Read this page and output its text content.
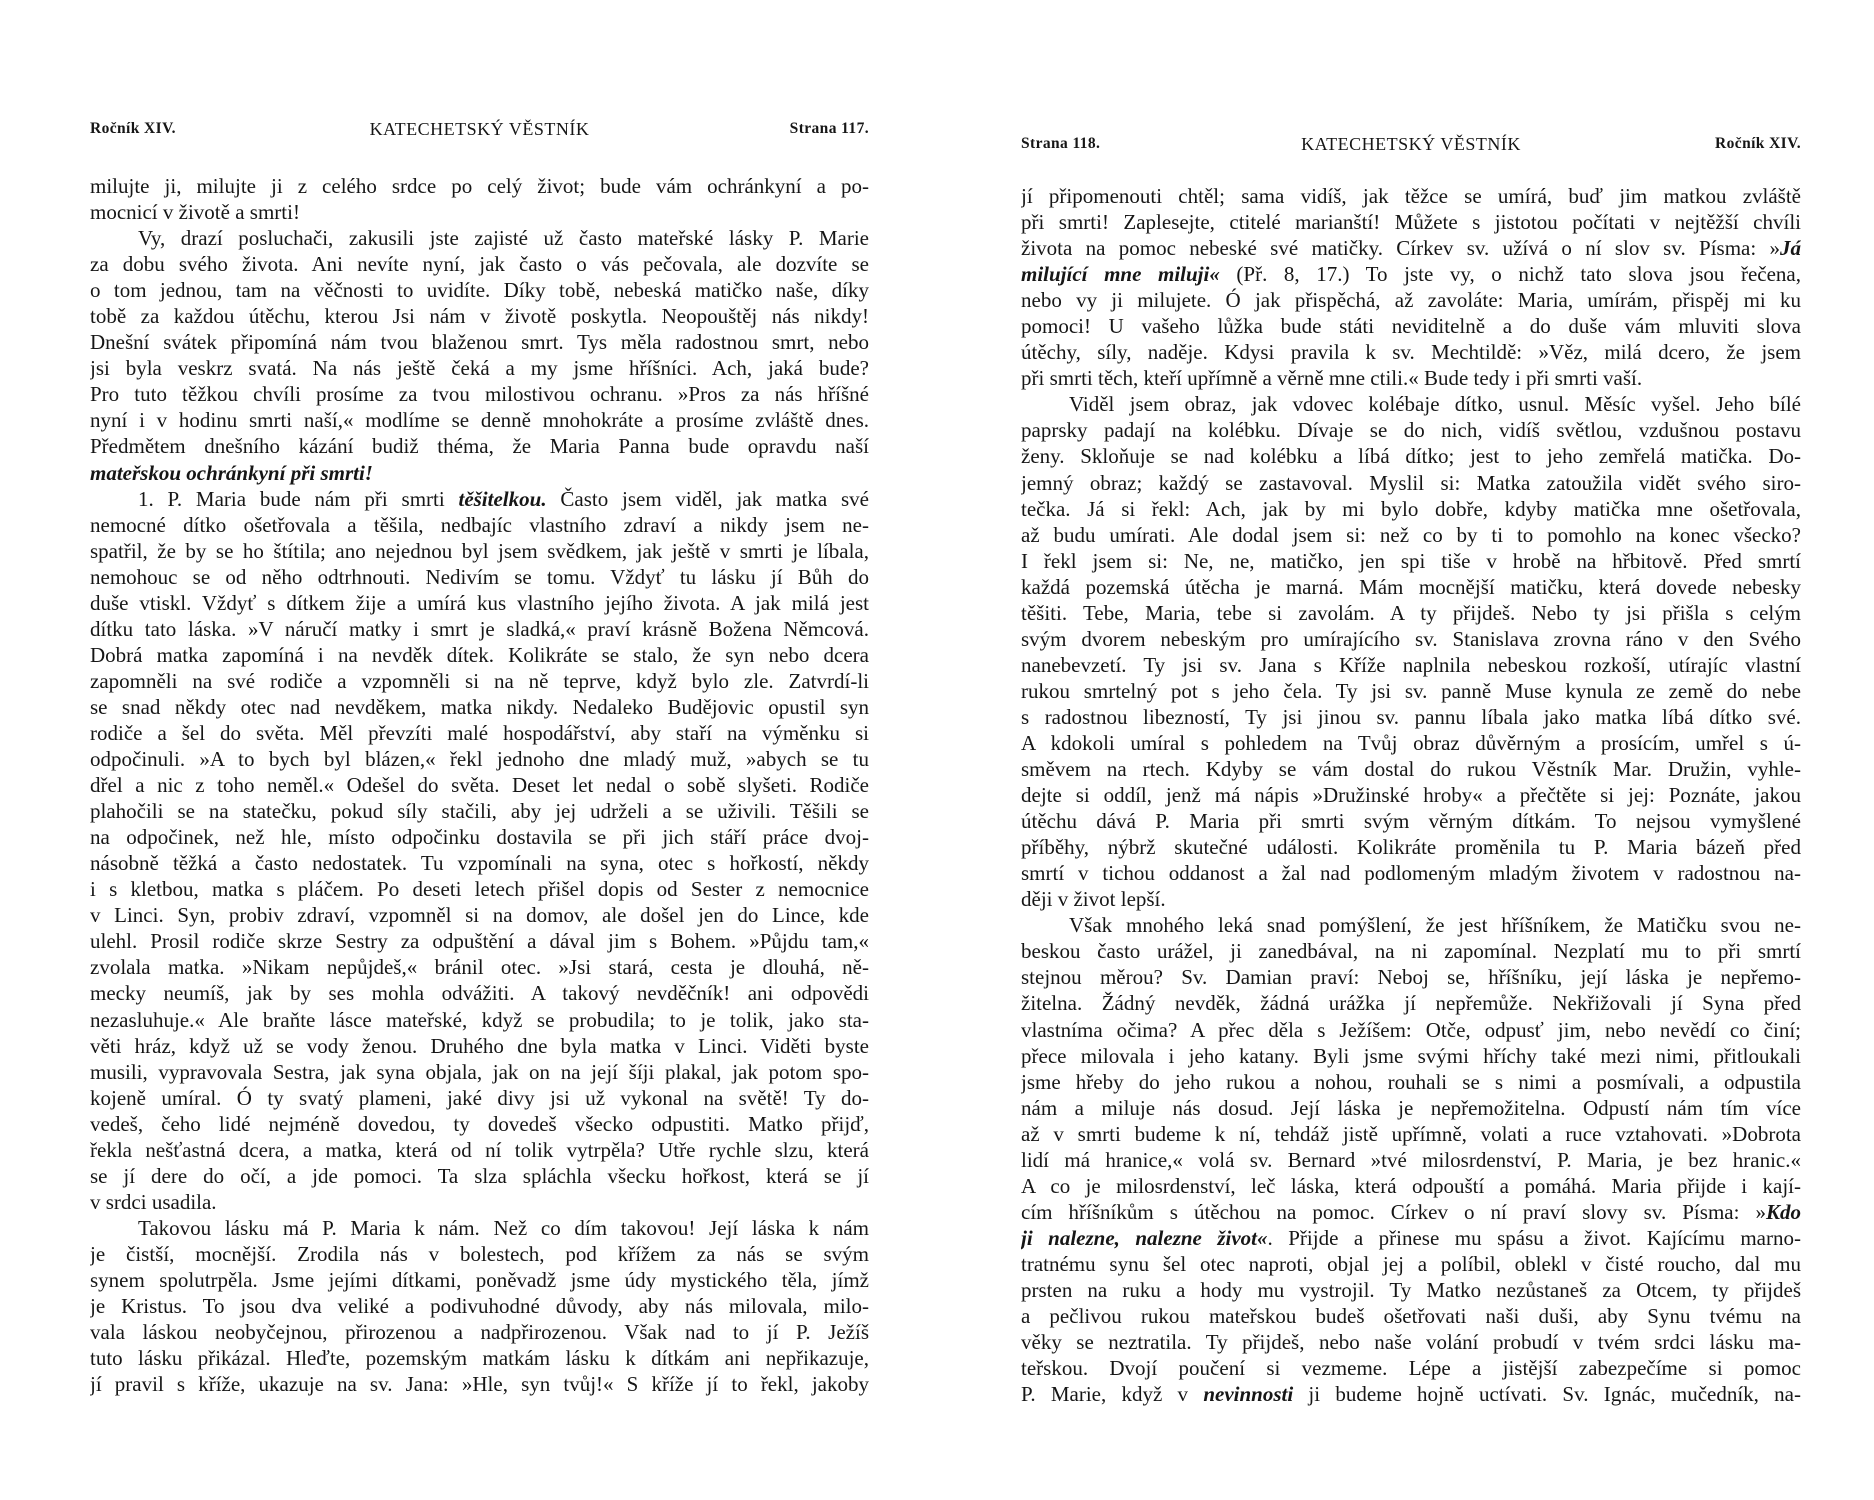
Ročník XIV.	KATECHETSKÝ VĚSTNÍK	Strana 117.
milujte ji, milujte ji z celého srdce po celý život; bude vám ochránkyní a po-
mocnicí v životě a smrti!
Vy, drazí posluchači, zakusili jste zajisté už často mateřské lásky P. Marie
za dobu svého života. Ani nevíte nyní, jak často o vás pečovala, ale dozvíte se
o tom jednou, tam na věčnosti to uvidíte. Díky tobě, nebeská matičko naše, díky
tobě za každou útěchu, kterou Jsi nám v životě poskytla. Neopouštěj nás nikdy!
Dnešní svátek připomíná nám tvou blaženou smrt. Tys měla radostnou smrt, nebo
jsi byla veskrz svatá. Na nás ještě čeká a my jsme hříšníci. Ach, jaká bude?
Pro tuto těžkou chvíli prosíme za tvou milostivou ochranu. »Pros za nás hříšné
nyní i v hodinu smrti naší,« modlíme se denně mnohokráte a prosíme zvláště dnes.
Předmětem dnešního kázání budiž théma, že Maria Panna bude opravdu naší
mateřskou ochránkyní při smrti!
1. P. Maria bude nám při smrti těšitelkou. Často jsem viděl, jak matka své
nemocné dítko ošetřovala a těšila, nedbajíc vlastního zdraví a nikdy jsem ne-
spatřil, že by se ho štítila; ano nejednou byl jsem svědkem, jak ještě v smrti je líbala,
nemohouc se od něho odtrhnouti. Nedivím se tomu. Vždyť tu lásku jí Bůh do
duše vtiskl. Vždyť s dítkem žije a umírá kus vlastního jejího života. A jak milá jest
dítku tato láska. »V náručí matky i smrt je sladká,« praví krásně Božena Němcová.
Dobrá matka zapomíná i na nevděk dítek. Kolikráte se stalo, že syn nebo dcera
zapomněli na své rodiče a vzpomněli si na ně teprve, když bylo zle. Zatvrdí-li
se snad někdy otec nad nevděkem, matka nikdy. Nedaleko Budějovic opustil syn
rodiče a šel do světa. Měl převzíti malé hospodářství, aby staří na výměnku si
odpočinuli. »A to bych byl blázen,« řekl jednoho dne mladý muž, »abych se tu
dřel a nic z toho neměl.« Odešel do světa. Deset let nedal o sobě slyšeti. Rodiče
plahočili se na statečku, pokud síly stačili, aby jej udrželi a se uživili. Těšili se
na odpočinek, než hle, místo odpočinku dostavila se při jich stáří práce dvoj-
násobně těžká a často nedostatek. Tu vzpomínali na syna, otec s hořkostí, někdy
i s kletbou, matka s pláčem. Po deseti letech přišel dopis od Sester z nemocnice
v Linci. Syn, probiv zdraví, vzpomněl si na domov, ale došel jen do Lince, kde
ulehl. Prosil rodiče skrze Sestry za odpuštění a dával jim s Bohem. »Půjdu tam,«
zvolala matka. »Nikam nepůjdeš,« bránil otec. »Jsi stará, cesta je dlouhá, ně-
mecky neumíš, jak by ses mohla odvážiti. A takový nevděčník! ani odpovědi
nezasluhuje.« Ale braňte lásce mateřské, když se probudila; to je tolik, jako sta-
věti hráz, když už se vody ženou. Druhého dne byla matka v Linci. Viděti byste
musili, vypravovala Sestra, jak syna objala, jak on na její šíji plakal, jak potom spo-
kojeně umíral. Ó ty svatý plameni, jaké divy jsi už vykonal na světě! Ty do-
vedeš, čeho lidé nejméně dovedou, ty dovedeš všecko odpustiti. Matko přijď,
řekla nešťastná dcera, a matka, která od ní tolik vytrpěla? Utře rychle slzu, která
se jí dere do očí, a jde pomoci. Ta slza spláchla všecku hořkost, která se jí
v srdci usadila.
Takovou lásku má P. Maria k nám. Než co dím takovou! Její láska k nám
je čistší, mocnější. Zrodila nás v bolestech, pod křížem za nás se svým
synem spolutrpěla. Jsme jejími dítkami, poněvadž jsme údy mystického těla, jímž
je Kristus. To jsou dva veliké a podivuhodné důvody, aby nás milovala, milo-
vala láskou neobyčejnou, přirozenou a nadpřirozenou. Však nad to jí P. Ježíš
tuto lásku přikázal. Hleďte, pozemským matkám lásku k dítkám ani nepřikazuje,
jí pravil s kříže, ukazuje na sv. Jana: »Hle, syn tvůj!« S kříže jí to řekl, jakoby
Strana 118.	KATECHETSKÝ VĚSTNÍK	Ročník XIV.
jí připomenouti chtěl; sama vidíš, jak těžce se umírá, buď jim matkou zvláště
při smrti! Zaplesejte, ctitelé marianští! Můžete s jistotou počítati v nejtěžší chvíli
života na pomoc nebeské své matičky. Církev sv. užívá o ní slov sv. Písma: »Já
milující mne miluji« (Př. 8, 17.) To jste vy, o nichž tato slova jsou řečena,
nebo vy ji milujete. Ó jak přispěchá, až zavoláte: Maria, umírám, přispěj mi ku
pomoci! U vašeho lůžka bude státi neviditelně a do duše vám mluviti slova
útěchy, síly, naděje. Kdysi pravila k sv. Mechtildě: »Věz, milá dcero, že jsem
při smrti těch, kteří upřímně a věrně mne ctili.« Bude tedy i při smrti vaší.
Viděl jsem obraz, jak vdovec kolébaje dítko, usnul. Měsíc vyšel. Jeho bílé
paprsky padají na kolébku. Dívaje se do nich, vidíš světlou, vzdušnou postavu
ženy. Skloňuje se nad kolébku a líbá dítko; jest to jeho zemřelá matička. Do-
jemný obraz; každý se zastavoval. Myslil si: Matka zatoužila vidět svého siro-
tečka. Já si řekl: Ach, jak by mi bylo dobře, kdyby matička mne ošetřovala,
až budu umírati. Ale dodal jsem si: než co by ti to pomohlo na konec všecko?
I řekl jsem si: Ne, ne, matičko, jen spi tiše v hrobě na hřbitově. Před smrtí
každá pozemská útěcha je marná. Mám mocnější matičku, která dovede nebesky
těšiti. Tebe, Maria, tebe si zavolám. A ty přijdeš. Nebo ty jsi přišla s celým
svým dvorem nebeským pro umírajícího sv. Stanislava zrovna ráno v den Svého
nanebevzetí. Ty jsi sv. Jana s Kříže naplnila nebeskou rozkoší, utírajíc vlastní
rukou smrtelný pot s jeho čela. Ty jsi sv. panně Muse kynula ze země do nebe
s radostnou libezností, Ty jsi jinou sv. pannu líbala jako matka líbá dítko své.
A kdokoli umíral s pohledem na Tvůj obraz důvěrným a prosícím, umřel s ú-
směvem na rtech. Kdyby se vám dostal do rukou Věstník Mar. Družin, vyhle-
dejte si oddíl, jenž má nápis »Družinské hroby« a přečtěte si jej: Poznáte, jakou
útěchu dává P. Maria při smrti svým věrným dítkám. To nejsou vymyšlené
příběhy, nýbrž skutečné události. Kolikráte proměnila tu P. Maria bázeň před
smrtí v tichou oddanost a žal nad podlomeným mladým životem v radostnou na-
ději v život lepší.
Však mnohého leká snad pomýšlení, že jest hříšníkem, že Matičku svou ne-
beskou často urážel, ji zanedbával, na ni zapomínal. Nezplatí mu to při smrtí
stejnou měrou? Sv. Damian praví: Neboj se, hříšníku, její láska je nepřemo-
žitelna. Žádný nevděk, žádná urážka jí nepřemůže. Nekřižovali jí Syna před
vlastníma očima? A přec děla s Ježíšem: Otče, odpusť jim, nebo nevědí co činí;
přece milovala i jeho katany. Byli jsme svými hříchy také mezi nimi, přitloukali
jsme hřeby do jeho rukou a nohou, rouhali se s nimi a posmívali, a odpustila
nám a miluje nás dosud. Její láska je nepřemožitelna. Odpustí nám tím více
až v smrti budeme k ní, tehdáž jistě upřímně, volati a ruce vztahovati. »Dobrota
lidí má hranice,« volá sv. Bernard »tvé milosrdenství, P. Maria, je bez hranic.«
A co je milosrdenství, leč láska, která odpouští a pomáhá. Maria přijde i kají-
cím hříšníkům s útěchou na pomoc. Církev o ní praví slovy sv. Písma: »Kdo
ji nalezne, nalezne život«. Přijde a přinese mu spásu a život. Kajícímu marno-
tratnému synu šel otec naproti, objal jej a políbil, oblekl v čisté roucho, dal mu
prsten na ruku a hody mu vystrojil. Ty Matko nezůstaneš za Otcem, ty přijdeš
a pečlivou rukou mateřskou budeš ošetřovati naši duši, aby Synu tvému na
věky se neztratila. Ty přijdeš, nebo naše volání probudí v tvém srdci lásku ma-
teřskou. Dvojí poučení si vezmeme. Lépe a jistější zabezpečíme si pomoc
P. Marie, když v nevinnosti ji budeme hojně uctívati. Sv. Ignác, mučedník, na-
